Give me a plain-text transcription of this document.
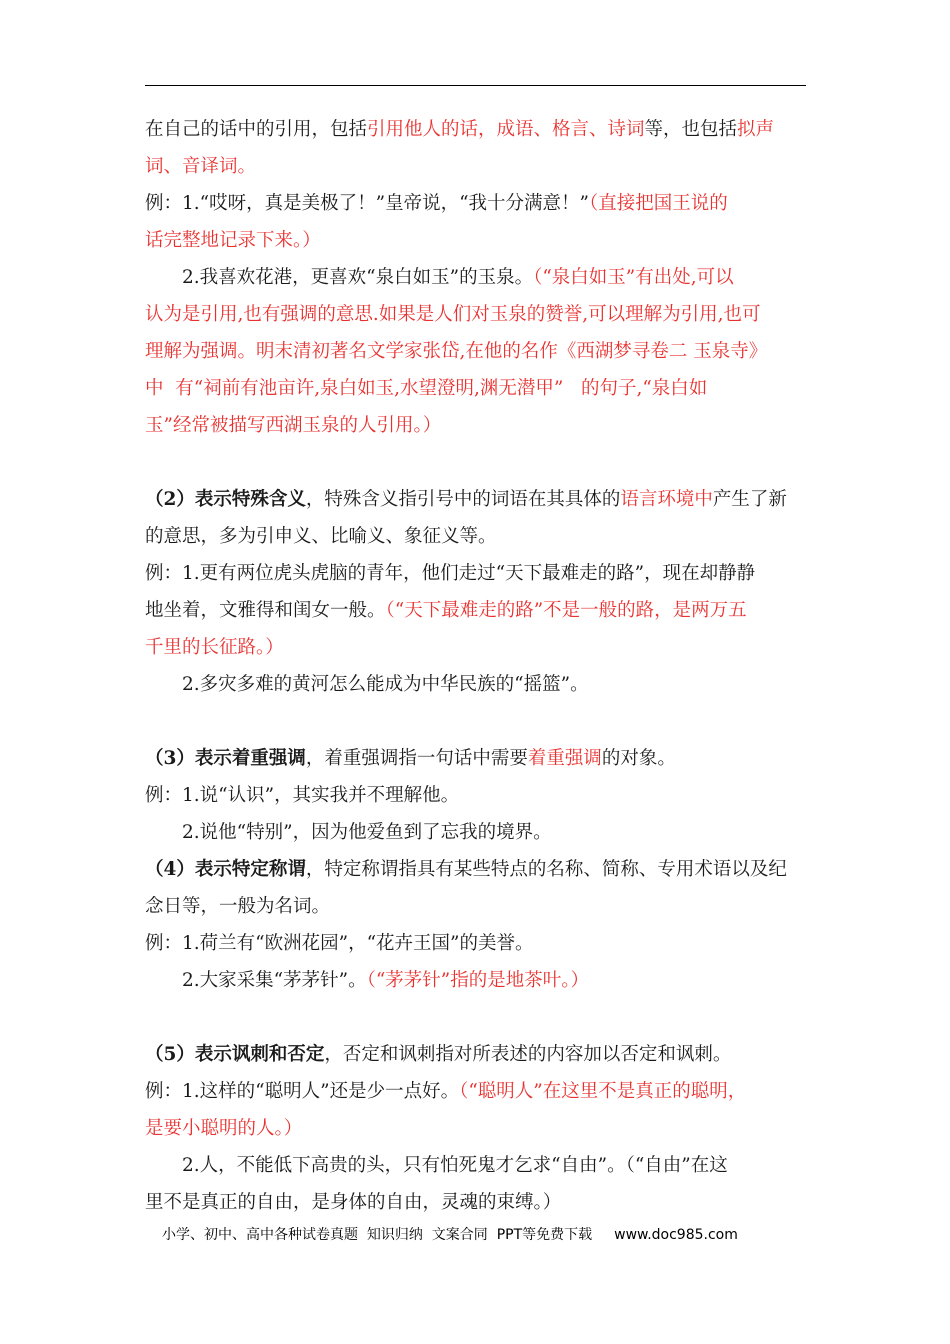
在自己的话中的引用，包括引用他人的话，成语、格言、诗词等，也包括拟声
词、音译词。
例：1.“哎呀，真是美极了！”皇帝说，“我十分满意！”（直接把国王说的
话完整地记录下来。）
2.我喜欢花港，更喜欢“泉白如玉”的玉泉。（“泉白如玉”有出处,可以
认为是引用,也有强调的意思.如果是人们对玉泉的赞誉,可以理解为引用,也可
理解为强调。明末清初著名文学家张岱,在他的名作《西湖梦寻卷二 玉泉寺》
中  有“祠前有池亩许,泉白如玉,水望澄明,渊无潜甲”   的句子,“泉白如
玉”经常被描写西湖玉泉的人引用。）
（2）表示特殊含义，特殊含义指引号中的词语在其具体的语言环境中产生了新
的意思，多为引申义、比喻义、象征义等。
例：1.更有两位虎头虎脑的青年，他们走过“天下最难走的路”，现在却静静
地坐着，文雅得和闺女一般。（“天下最难走的路”不是一般的路，是两万五
千里的长征路。）
2.多灾多难的黄河怎么能成为中华民族的“摇篮”。
（3）表示着重强调，着重强调指一句话中需要着重强调的对象。
例：1.说“认识”，其实我并不理解他。
2.说他“特别”，因为他爱鱼到了忘我的境界。
（4）表示特定称谓，特定称谓指具有某些特点的名称、简称、专用术语以及纪
念日等，一般为名词。
例：1.荷兰有“欧洲花园”，“花卉王国”的美誉。
2.大家采集“茅茅针”。（“茅茅针”指的是地茶叶。）
（5）表示讽刺和否定，否定和讽刺指对所表述的内容加以否定和讽刺。
例：1.这样的“聪明人”还是少一点好。（“聪明人”在这里不是真正的聪明，
是要小聪明的人。）
2.人，不能低下高贵的头，只有怕死鬼才乞求“自由”。（“自由”在这
里不是真正的自由，是身体的自由，灵魂的束缚。）
小学、初中、高中各种试卷真题  知识归纳  文案合同  PPT等免费下载 www.doc985.com
